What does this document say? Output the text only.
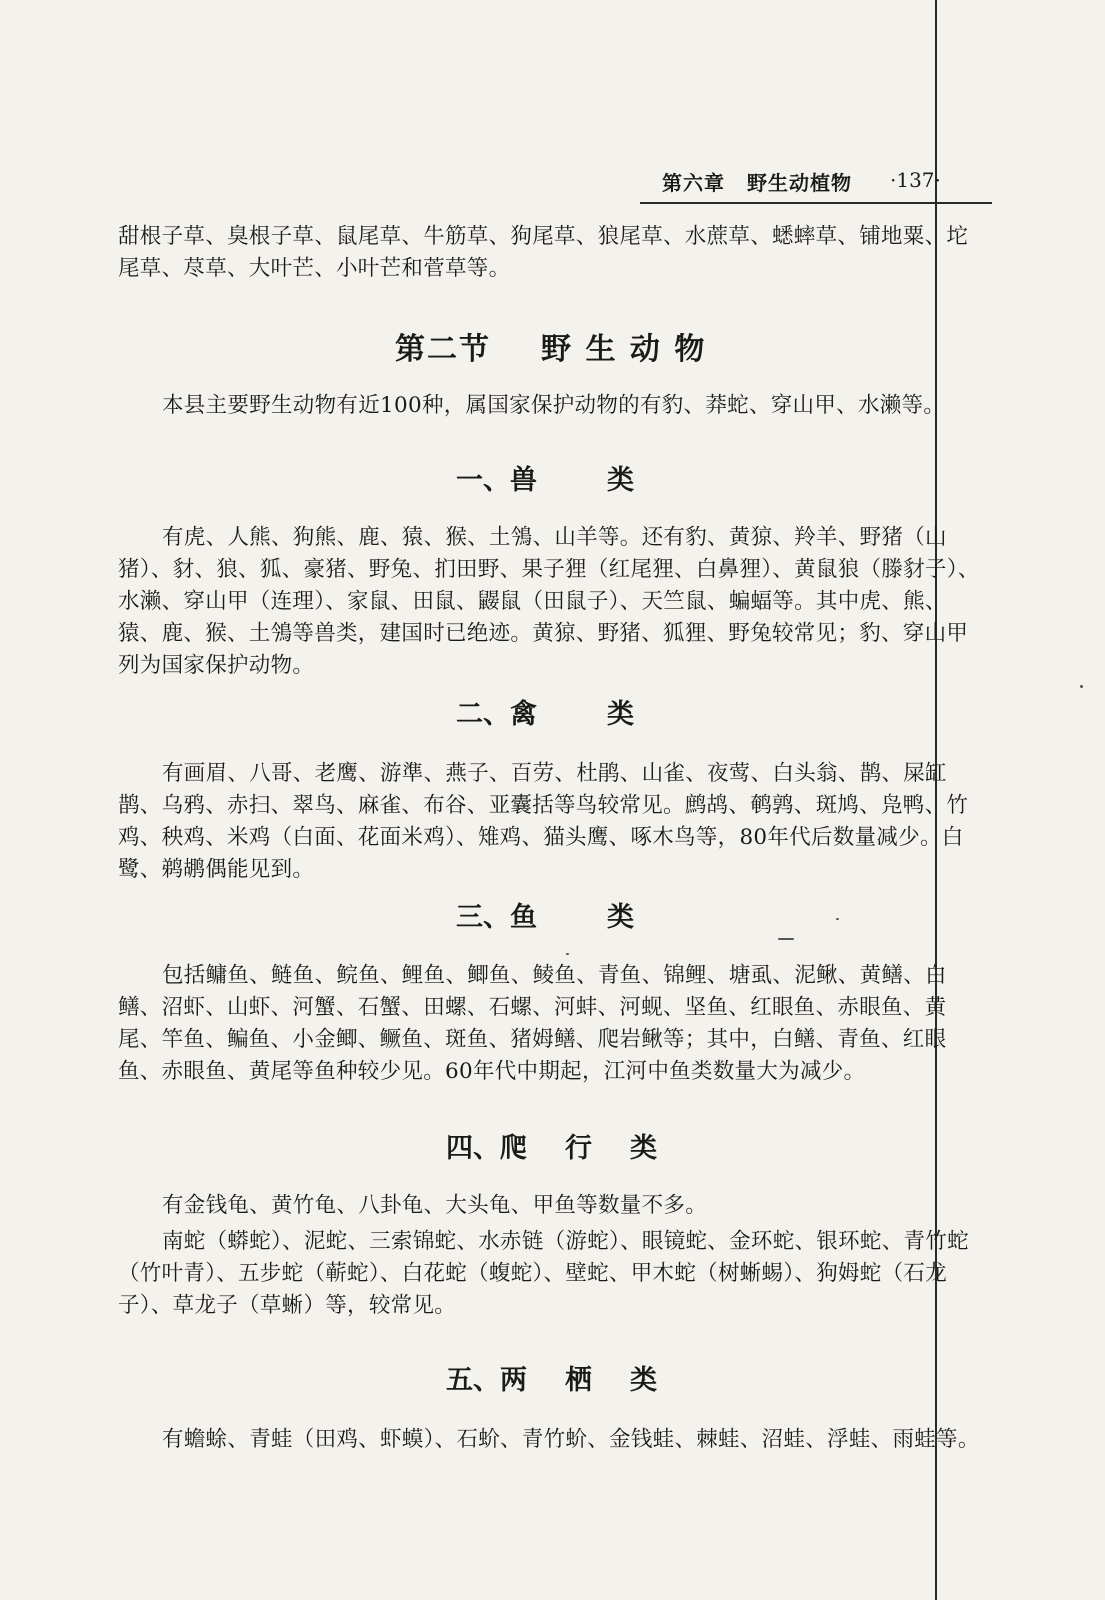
第六章 野生动植物 ·137·

甜根子草、臭根子草、鼠尾草、牛筋草、狗尾草、狼尾草、水蔗草、蟋蟀草、铺地粟、坨尾草、荩草、大叶芒、小叶芒和菅草等。

第二节 野 生 动 物

本县主要野生动物有近100种，属国家保护动物的有豹、莽蛇、穿山甲、水濑等。

一、兽	类

有虎、人熊、狗熊、鹿、猿、猴、土鳹、山羊等。还有豹、黄猄、羚羊、野猪（山猪）、豺、狼、狐、豪猪、野兔、扪田野、果子狸（红尾狸、白鼻狸）、黄鼠狼（滕豺子）、水濑、穿山甲（连理）、家鼠、田鼠、鼹鼠（田鼠子）、天竺鼠、蝙蝠等。其中虎、熊、猿、鹿、猴、土鳹等兽类，建国时已绝迹。黄猄、野猪、狐狸、野兔较常见；豹、穿山甲列为国家保护动物。

二、禽	类

有画眉、八哥、老鹰、游準、燕子、百劳、杜鹃、山雀、夜莺、白头翁、鹊、屎缸鹊、乌鸦、赤扫、翠鸟、麻雀、布谷、亚囊括等鸟较常见。鹧鸪、鹌鹑、斑鸠、凫鸭、竹鸡、秧鸡、米鸡（白面、花面米鸡）、雉鸡、猫头鹰、啄木鸟等，80年代后数量减少。白鹭、鹈鹕偶能见到。

三、鱼	类

包括鳙鱼、鲢鱼、鲩鱼、鲤鱼、鲫鱼、鲮鱼、青鱼、锦鲤、塘虱、泥鳅、黄鳝、白鳝、沼虾、山虾、河蟹、石蟹、田螺、石螺、河蚌、河蚬、坚鱼、红眼鱼、赤眼鱼、黄尾、竿鱼、鳊鱼、小金鲫、鳜鱼、斑鱼、猪姆鳝、爬岩鳅等；其中，白鳝、青鱼、红眼鱼、赤眼鱼、黄尾等鱼种较少见。60年代中期起，江河中鱼类数量大为减少。

四、爬 行 类

有金钱龟、黄竹龟、八卦龟、大头龟、甲鱼等数量不多。

南蛇（蟒蛇）、泥蛇、三索锦蛇、水赤链（游蛇）、眼镜蛇、金环蛇、银环蛇、青竹蛇（竹叶青）、五步蛇（蕲蛇）、白花蛇（蝮蛇）、壁蛇、甲木蛇（树蜥蜴）、狗姆蛇（石龙子）、草龙子（草蜥）等，较常见。

五、两 栖 类

有蟾蜍、青蛙（田鸡、虾蟆）、石蚧、青竹蚧、金钱蛙、棘蛙、沼蛙、浮蛙、雨蛙等。
